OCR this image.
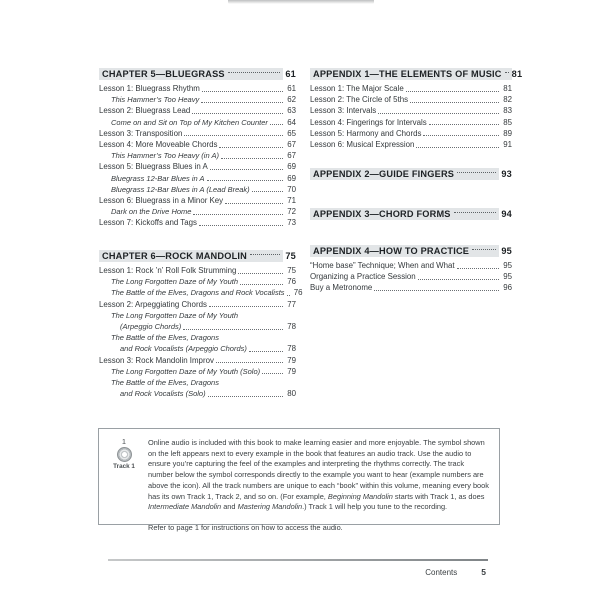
CHAPTER 5—BLUEGRASS	61
Lesson 1: Bluegrass Rhythm	61
This Hammer’s Too Heavy	62
Lesson 2: Bluegrass Lead	63
Come on and Sit on Top of My Kitchen Counter 64
Lesson 3: Transposition	65
Lesson 4: More Moveable Chords	67
This Hammer’s Too Heavy (in A)	67
Lesson 5: Bluegrass Blues in A	69
Bluegrass 12-Bar Blues in A	69
Bluegrass 12-Bar Blues in A (Lead Break)	70
Lesson 6: Bluegrass in a Minor Key	71
Dark on the Drive Home	72
Lesson 7: Kickoffs and Tags	73
CHAPTER 6—ROCK MANDOLIN	75
Lesson 1: Rock ’n’ Roll Folk Strumming	75
The Long Forgotten Daze of My Youth	76
The Battle of the Elves, Dragons and Rock Vocalists 76
Lesson 2: Arpeggiating Chords	77
The Long Forgotten Daze of My Youth
(Arpeggio Chords)	78
The Battle of the Elves, Dragons
and Rock Vocalists (Arpeggio Chords)	78
Lesson 3: Rock Mandolin Improv	79
The Long Forgotten Daze of My Youth (Solo)	79
The Battle of the Elves, Dragons
and Rock Vocalists (Solo)	80
APPENDIX 1—THE ELEMENTS OF MUSIC 81
Lesson 1: The Major Scale	81
Lesson 2: The Circle of 5ths	82
Lesson 3: Intervals	83
Lesson 4: Fingerings for Intervals	85
Lesson 5: Harmony and Chords	89
Lesson 6: Musical Expression	91
APPENDIX 2—GUIDE FINGERS	93
APPENDIX 3—CHORD FORMS	94
APPENDIX 4—HOW TO PRACTICE	95
“Home base” Technique; When and What	95
Organizing a Practice Session	95
Buy a Metronome	96
1
Track 1

Online audio is included with this book to make learning easier and more enjoyable. The symbol shown on the left appears next to every example in the book that features an audio track. Use the audio to ensure you’re capturing the feel of the examples and interpreting the rhythms correctly. The track number below the symbol corresponds directly to the example you want to hear (example numbers are above the icon). All the track numbers are unique to each “book” within this volume, meaning every book has its own Track 1, Track 2, and so on. (For example, Beginning Mandolin starts with Track 1, as does Intermediate Mandolin and Mastering Mandolin.) Track 1 will help you tune to the recording.

Refer to page 1 for instructions on how to access the audio.

Contents	5
